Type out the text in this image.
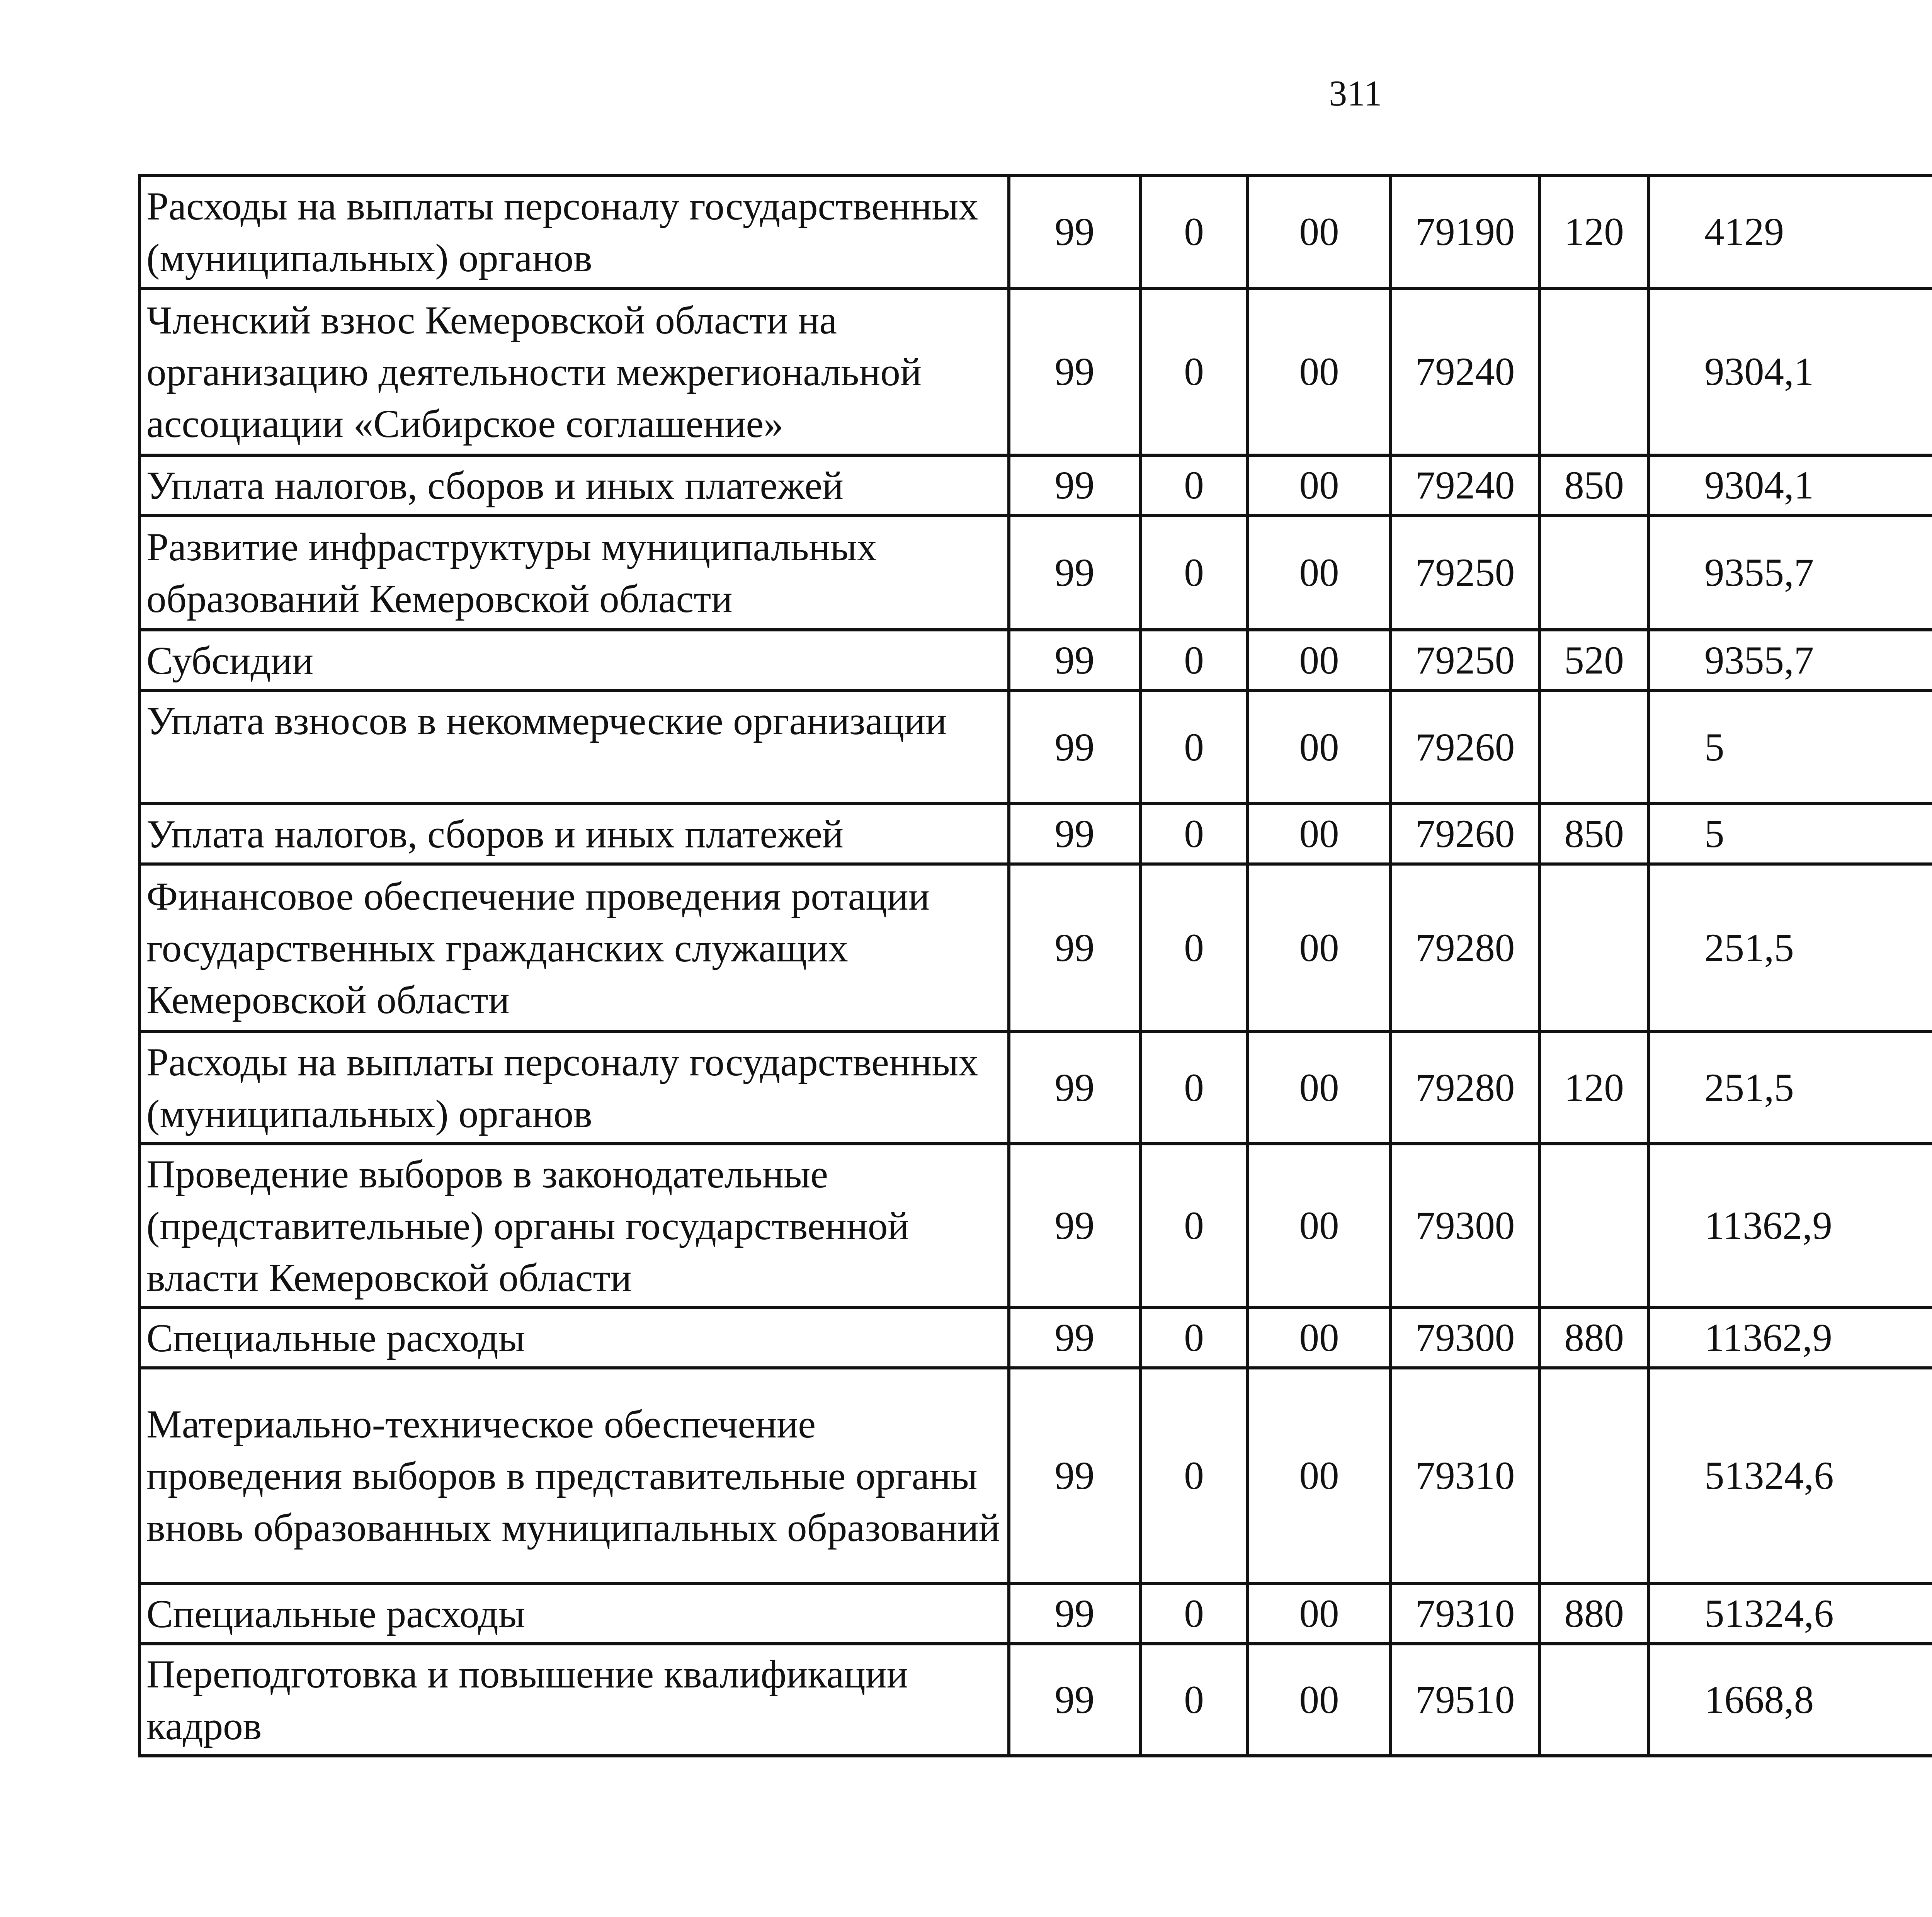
311
Расходы на выплаты персоналу государственных (муниципальных) органов	99	0	00	79190	120	4129		
Членский взнос Кемеровской области на организацию деятельности межрегиональной ассоциации «Сибирское соглашение»	99	0	00	79240		9304,1		
Уплата налогов, сборов и иных платежей	99	0	00	79240	850	9304,1		
Развитие инфраструктуры муниципальных образований Кемеровской области	99	0	00	79250		9355,7		
Субсидии	99	0	00	79250	520	9355,7		
Уплата взносов в некоммерческие организации	99	0	00	79260		5		
Уплата налогов, сборов и иных платежей	99	0	00	79260	850	5		
Финансовое обеспечение проведения ротации государственных гражданских служащих Кемеровской области	99	0	00	79280		251,5		
Расходы на выплаты персоналу государственных (муниципальных) органов	99	0	00	79280	120	251,5		
Проведение выборов в законодательные (представительные) органы государственной власти Кемеровской области	99	0	00	79300		11362,9		
Специальные расходы	99	0	00	79300	880	11362,9		
Материально-техническое обеспечение проведения выборов в представительные органы вновь образованных муниципальных образований	99	0	00	79310		51324,6		
Специальные расходы	99	0	00	79310	880	51324,6		
Переподготовка и повышение квалификации кадров	99	0	00	79510		1668,8		
